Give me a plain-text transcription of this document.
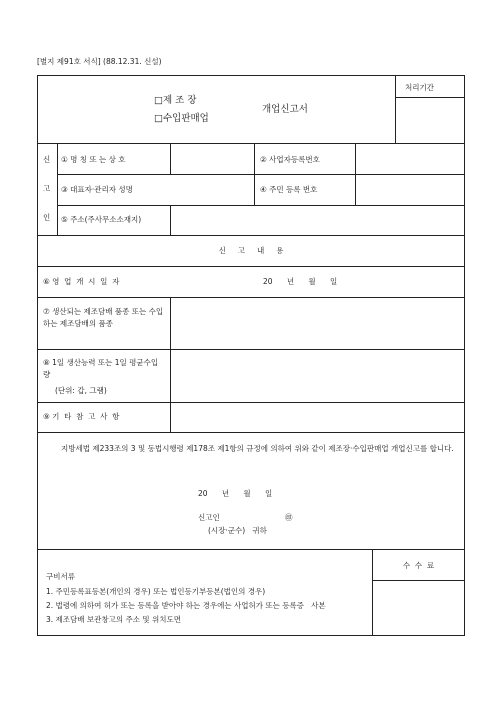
[별지 제91호 서식] (88.12.31. 신설)
□제 조 장
□수입판매업
개업신고서
처리기간
신
고
인
① 명 칭 또 는 상 호	② 사업자등록번호
③ 대표자·관리자 성명	④ 주민 등록 번호
⑤ 주소(주사무소소재지)
신     고     내     용
⑥ 영  업  개  시  일  자	20      년      월      일
⑦ 생산되는 제조담배 품종 또는 수입하는 제조담배의 품종
⑧ 1일 생산능력 또는 1일 평균수입량
(단위: 갑, 그램)
⑨ 기  타  참  고  사  항
지방세법 제233조의 3 및 동법시행령 제178조 제1항의 규정에 의하여 위와 같이 제조장·수입판매업 개업신고를 합니다.
20      년      월      일
신고인	㊞
(시장·군수)   귀하
수  수  료
구비서류
1. 주민등록표등본(개인의 경우) 또는 법인등기부등본(법인의 경우)
2. 법령에 의하여 허가 또는 등록을 받아야 하는 경우에는 사업허가 또는 등록증   사본
3. 제조담배 보관창고의 주소 및 위치도면
